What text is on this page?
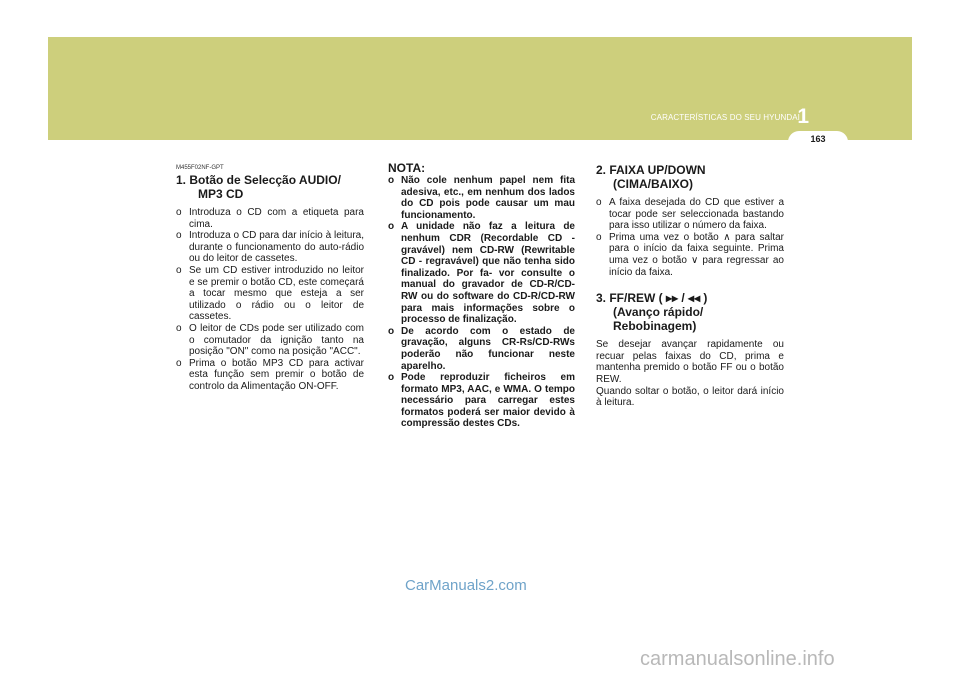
CARACTERÍSTICAS DO SEU HYUNDAI
1
163
M455F02NF-GPT
1. Botão de Selecção AUDIO/
MP3 CD
o Introduza o CD com a etiqueta para cima.
o Introduza o CD para dar início à leitura, durante o funcionamento do auto-rádio ou do leitor de cassetes.
o Se um CD estiver introduzido no leitor e se premir o botão CD, este começará a tocar mesmo que esteja a ser utilizado o rádio ou o leitor de cassetes.
o O leitor de CDs pode ser utilizado com o comutador da ignição tanto na posição "ON" como na posição "ACC".
o Prima o botão MP3 CD para activar esta função sem premir o botão de controlo da Alimentação ON-OFF.
NOTA:
o Não cole nenhum papel nem fita adesiva, etc., em nenhum dos lados do CD pois pode causar um mau funcionamento.
o A unidade não faz a leitura de nenhum CDR (Recordable CD - gravável) nem CD-RW (Rewritable CD - regravável) que não tenha sido finalizado. Por fa- vor consulte o manual do gravador de CD-R/CD-RW ou do software do CD-R/CD-RW para mais informações sobre o processo de finalização.
o De acordo com o estado de gravação, alguns CR-Rs/CD-RWs poderão não funcionar neste aparelho.
o Pode reproduzir ficheiros em formato MP3, AAC, e WMA. O tempo necessário para carregar estes formatos poderá ser maior devido à compressão destes CDs.
2. FAIXA UP/DOWN
(CIMA/BAIXO)
o A faixa desejada do CD que estiver a tocar pode ser seleccionada bastando para isso utilizar o número da faixa.
o Prima uma vez o botão ∧ para saltar para o início da faixa seguinte. Prima uma vez o botão ∨ para regressar ao início da faixa.
3. FF/REW ( ▸▸ / ◂◂ )
(Avanço rápido/ Rebobinagem)

Se desejar avançar rapidamente ou recuar pelas faixas do CD, prima e mantenha premido o botão FF ou o botão REW.

Quando soltar o botão, o leitor dará início à leitura.

CarManuals2.com
carmanualsonline.info
